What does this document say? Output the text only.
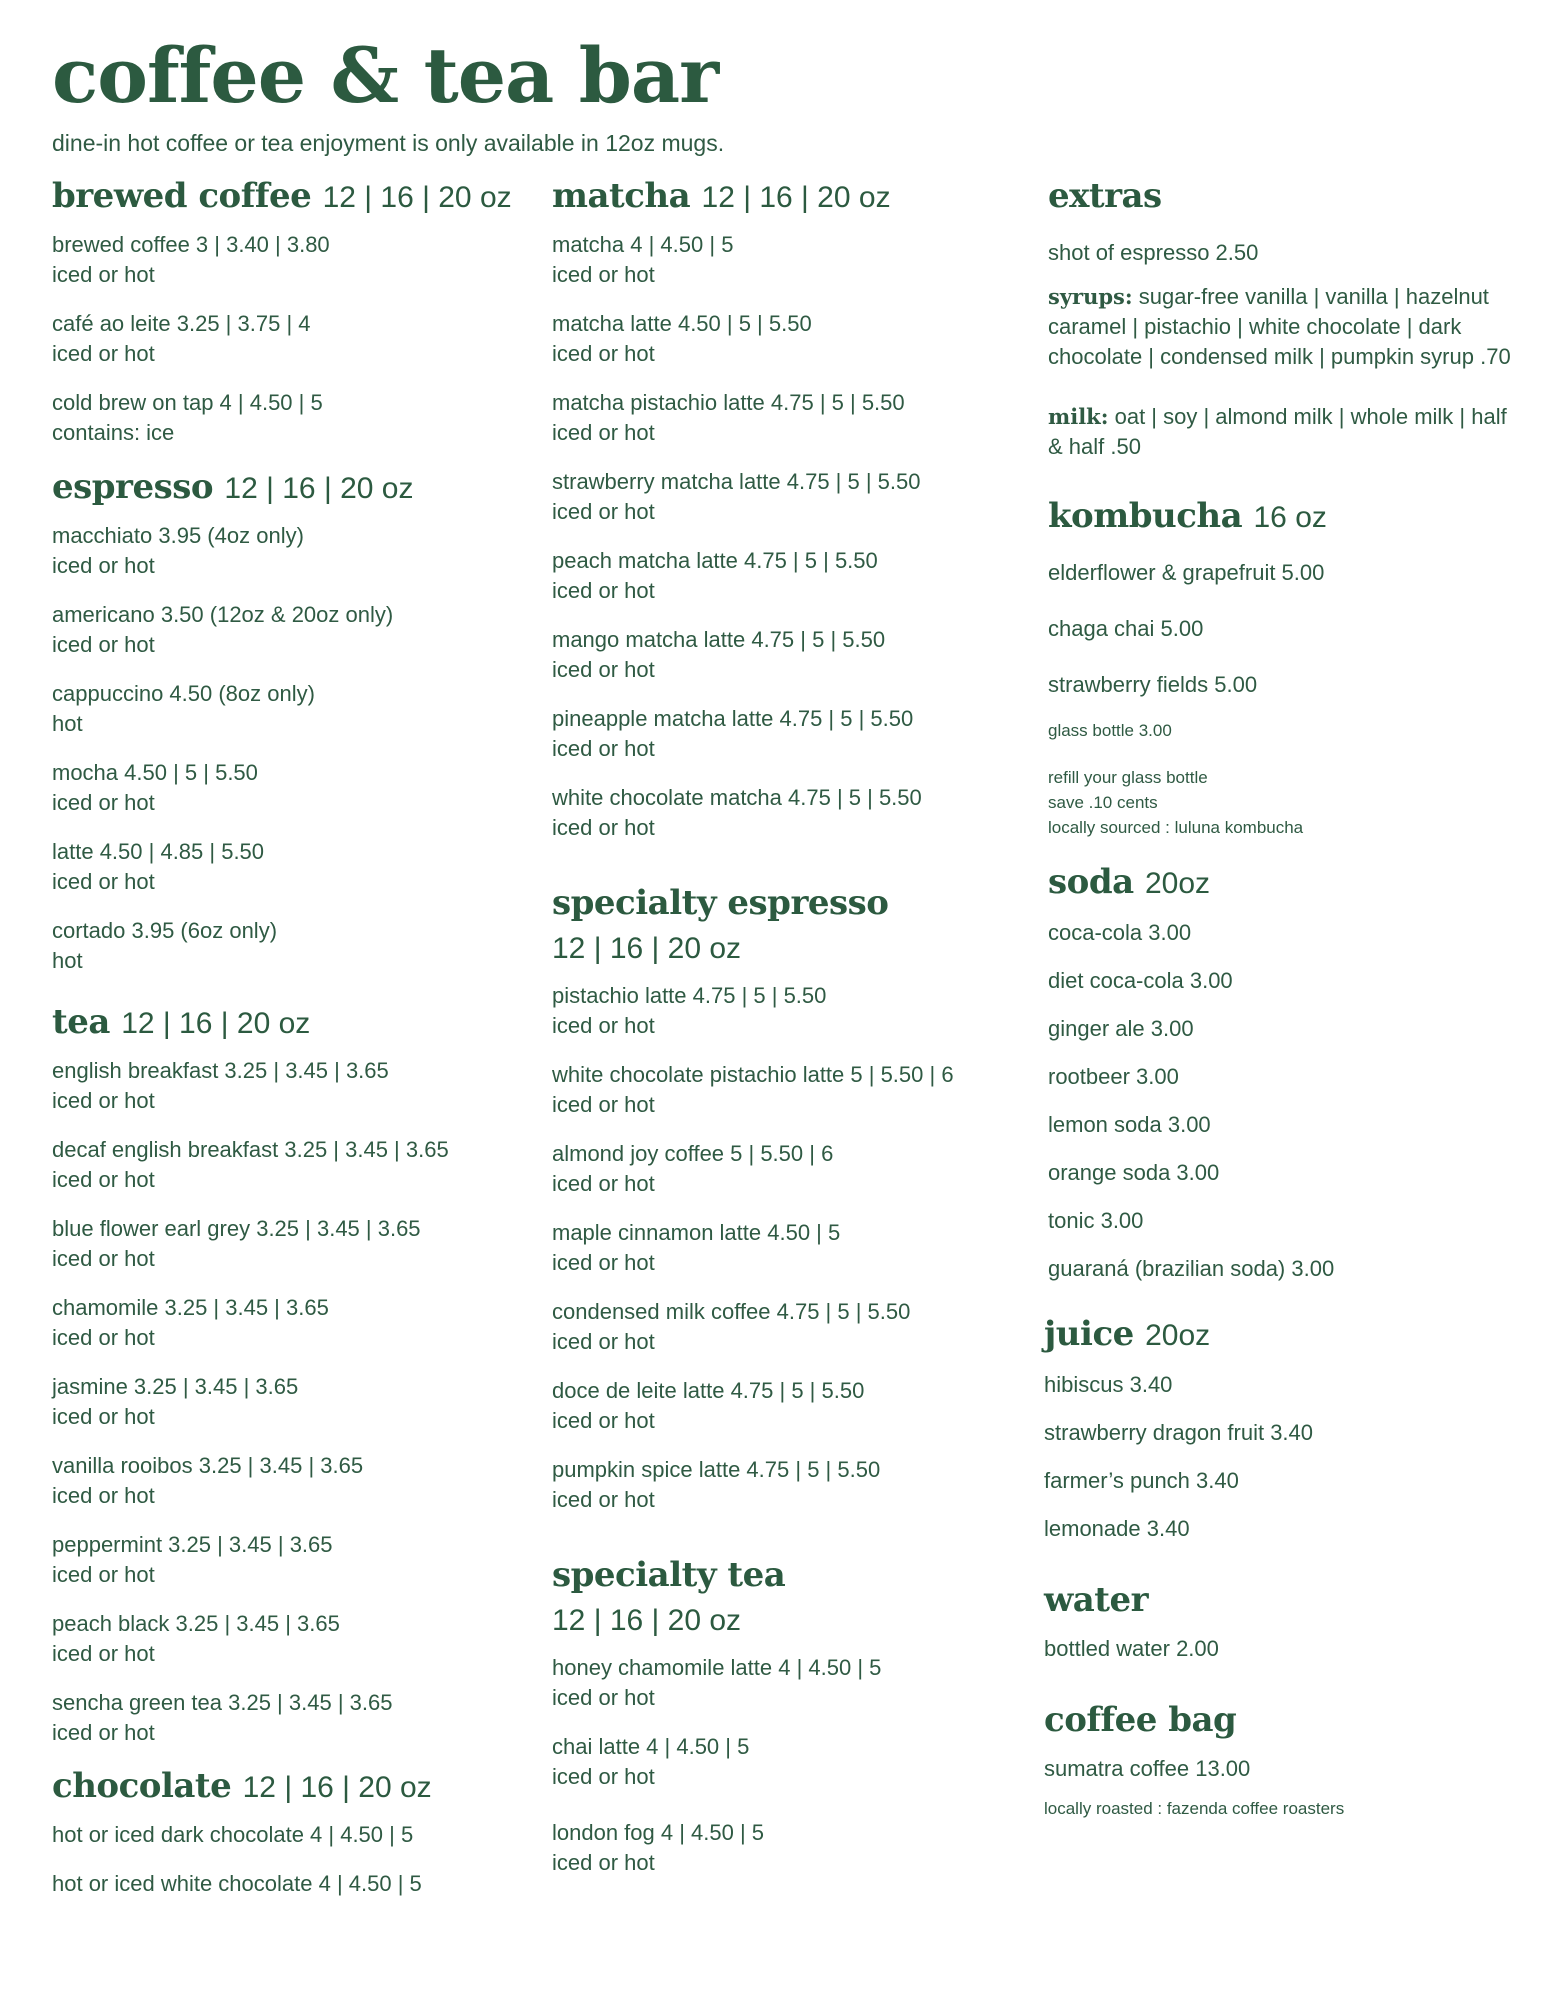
coffee & tea bar
dine-in hot coffee or tea enjoyment is only available in 12oz mugs.
brewed coffee 12 | 16 | 20 oz
brewed coffee 3 | 3.40 | 3.80
iced or hot
café ao leite 3.25 | 3.75 | 4
iced or hot
cold brew on tap 4 | 4.50 | 5
contains: ice
espresso 12 | 16 | 20 oz
macchiato 3.95 (4oz only)
iced or hot
americano 3.50 (12oz & 20oz only)
iced or hot
cappuccino 4.50 (8oz only)
hot
mocha 4.50 | 5 | 5.50
iced or hot
latte 4.50 | 4.85 | 5.50
iced or hot
cortado 3.95 (6oz only)
hot
tea 12 | 16 | 20 oz
english breakfast 3.25 | 3.45 | 3.65
iced or hot
decaf english breakfast 3.25 | 3.45 | 3.65
iced or hot
blue flower earl grey 3.25 | 3.45 | 3.65
iced or hot
chamomile 3.25 | 3.45 | 3.65
iced or hot
jasmine 3.25 | 3.45 | 3.65
iced or hot
vanilla rooibos 3.25 | 3.45 | 3.65
iced or hot
peppermint 3.25 | 3.45 | 3.65
iced or hot
peach black 3.25 | 3.45 | 3.65
iced or hot
sencha green tea 3.25 | 3.45 | 3.65
iced or hot
chocolate 12 | 16 | 20 oz
hot or iced dark chocolate 4 | 4.50 | 5
hot or iced white chocolate 4 | 4.50 | 5
matcha 12 | 16 | 20 oz
matcha 4 | 4.50 | 5
iced or hot
matcha latte 4.50 | 5 | 5.50
iced or hot
matcha pistachio latte 4.75 | 5 | 5.50
iced or hot
strawberry matcha latte 4.75 | 5 | 5.50
iced or hot
peach matcha latte 4.75 | 5 | 5.50
iced or hot
mango matcha latte 4.75 | 5 | 5.50
iced or hot
pineapple matcha latte 4.75 | 5 | 5.50
iced or hot
white chocolate matcha 4.75 | 5 | 5.50
iced or hot
specialty espresso
12 | 16 | 20 oz
pistachio latte 4.75 | 5 | 5.50
iced or hot
white chocolate pistachio latte 5 | 5.50 | 6
iced or hot
almond joy coffee 5 | 5.50 | 6
iced or hot
maple cinnamon latte 4.50 | 5
iced or hot
condensed milk coffee 4.75 | 5 | 5.50
iced or hot
doce de leite latte 4.75 | 5 | 5.50
iced or hot
pumpkin spice latte 4.75 | 5 | 5.50
iced or hot
specialty tea
12 | 16 | 20 oz
honey chamomile latte 4 | 4.50 | 5
iced or hot
chai latte 4 | 4.50 | 5
iced or hot
london fog 4 | 4.50 | 5
iced or hot
extras
shot of espresso 2.50
syrups: sugar-free vanilla | vanilla | hazelnut caramel | pistachio | white chocolate | dark chocolate | condensed milk | pumpkin syrup .70
milk: oat | soy | almond milk | whole milk | half & half .50
kombucha 16 oz
elderflower & grapefruit 5.00
chaga chai 5.00
strawberry fields 5.00
glass bottle 3.00
refill your glass bottle
save .10 cents
locally sourced : luluna kombucha
soda 20oz
coca-cola 3.00
diet coca-cola 3.00
ginger ale 3.00
rootbeer 3.00
lemon soda 3.00
orange soda 3.00
tonic 3.00
guaraná (brazilian soda) 3.00
juice 20oz
hibiscus 3.40
strawberry dragon fruit 3.40
farmer’s punch 3.40
lemonade 3.40
water
bottled water 2.00
coffee bag
sumatra coffee 13.00
locally roasted : fazenda coffee roasters
